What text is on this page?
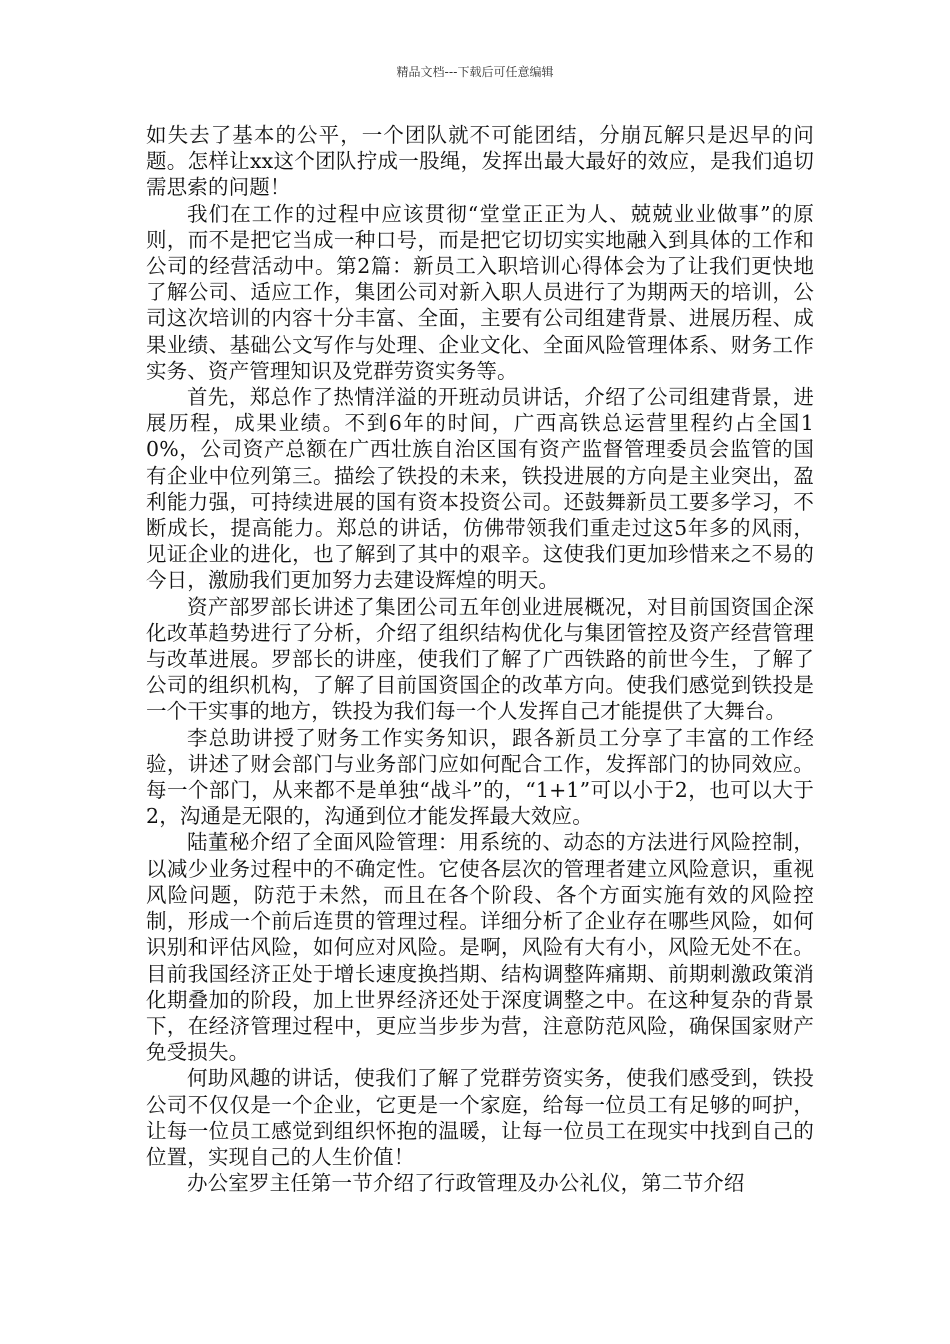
精品文档---下载后可任意编辑

如失去了基本的公平，一个团队就不可能团结，分崩瓦解只是迟早的问题。怎样让xx这个团队拧成一股绳，发挥出最大最好的效应，是我们追切需思索的问题！

我们在工作的过程中应该贯彻“堂堂正正为人、兢兢业业做事”的原则，而不是把它当成一种口号，而是把它切切实实地融入到具体的工作和公司的经营活动中。第2篇：新员工入职培训心得体会为了让我们更快地了解公司、适应工作，集团公司对新入职人员进行了为期两天的培训，公司这次培训的内容十分丰富、全面，主要有公司组建背景、进展历程、成果业绩、基础公文写作与处理、企业文化、全面风险管理体系、财务工作实务、资产管理知识及党群劳资实务等。

首先，郑总作了热情洋溢的开班动员讲话，介绍了公司组建背景，进展历程，成果业绩。不到6年的时间，广西高铁总运营里程约占全国10%，公司资产总额在广西壮族自治区国有资产监督管理委员会监管的国有企业中位列第三。描绘了铁投的未来，铁投进展的方向是主业突出，盈利能力强，可持续进展的国有资本投资公司。还鼓舞新员工要多学习，不断成长，提高能力。郑总的讲话，仿佛带领我们重走过这5年多的风雨，见证企业的进化，也了解到了其中的艰辛。这使我们更加珍惜来之不易的今日，激励我们更加努力去建设辉煌的明天。

资产部罗部长讲述了集团公司五年创业进展概况，对目前国资国企深化改革趋势进行了分析，介绍了组织结构优化与集团管控及资产经营管理与改革进展。罗部长的讲座，使我们了解了广西铁路的前世今生，了解了公司的组织机构，了解了目前国资国企的改革方向。使我们感觉到铁投是一个干实事的地方，铁投为我们每一个人发挥自己才能提供了大舞台。

李总助讲授了财务工作实务知识，跟各新员工分享了丰富的工作经验，讲述了财会部门与业务部门应如何配合工作，发挥部门的协同效应。每一个部门，从来都不是单独“战斗”的，“1+1”可以小于2，也可以大于2，沟通是无限的，沟通到位才能发挥最大效应。

陆董秘介绍了全面风险管理：用系统的、动态的方法进行风险控制，以减少业务过程中的不确定性。它使各层次的管理者建立风险意识，重视风险问题，防范于未然，而且在各个阶段、各个方面实施有效的风险控制，形成一个前后连贯的管理过程。详细分析了企业存在哪些风险，如何识别和评估风险，如何应对风险。是啊，风险有大有小，风险无处不在。目前我国经济正处于增长速度换挡期、结构调整阵痛期、前期刺激政策消化期叠加的阶段，加上世界经济还处于深度调整之中。在这种复杂的背景下，在经济管理过程中，更应当步步为营，注意防范风险，确保国家财产免受损失。

何助风趣的讲话，使我们了解了党群劳资实务，使我们感受到，铁投公司不仅仅是一个企业，它更是一个家庭，给每一位员工有足够的呵护，让每一位员工感觉到组织怀抱的温暖，让每一位员工在现实中找到自己的位置，实现自己的人生价值！

办公室罗主任第一节介绍了行政管理及办公礼仪，第二节介绍
